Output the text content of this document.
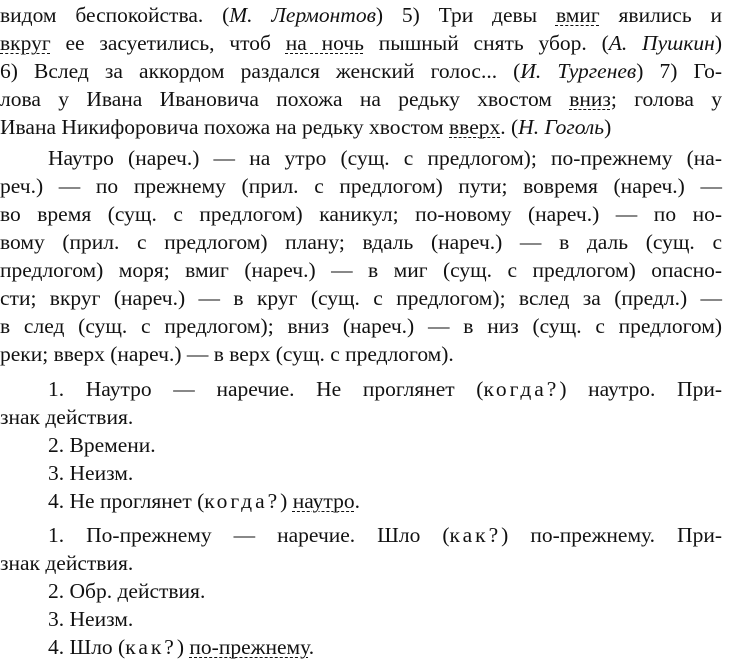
видом беспокойства. (М. Лермонтов) 5) Три девы вмиг явились и
вкруг ее засуетились, чтоб на ночь пышный снять убор. (А. Пушкин)
6) Вслед за аккордом раздался женский голос... (И. Тургенев) 7) Го-
лова у Ивана Ивановича похожа на редьку хвостом вниз; голова у
Ивана Никифоровича похожа на редьку хвостом вверх. (Н. Гоголь)
Наутро (нареч.) — на утро (сущ. с предлогом); по-прежнему (на-
реч.) — по прежнему (прил. с предлогом) пути; вовремя (нареч.) —
во время (сущ. с предлогом) каникул; по-новому (нареч.) — по но-
вому (прил. с предлогом) плану; вдаль (нареч.) — в даль (сущ. с
предлогом) моря; вмиг (нареч.) — в миг (сущ. с предлогом) опасно-
сти; вкруг (нареч.) — в круг (сущ. с предлогом); вслед за (предл.) —
в след (сущ. с предлогом); вниз (нареч.) — в низ (сущ. с предлогом)
реки; вверх (нареч.) — в верх (сущ. с предлогом).
1. Наутро — наречие. Не проглянет (когда?) наутро. При-
знак действия.
2. Времени.
3. Неизм.
4. Не проглянет (когда?) наутро.
1. По-прежнему — наречие. Шло (как?) по-прежнему. При-
знак действия.
2. Обр. действия.
3. Неизм.
4. Шло (как?) по-прежнему.
